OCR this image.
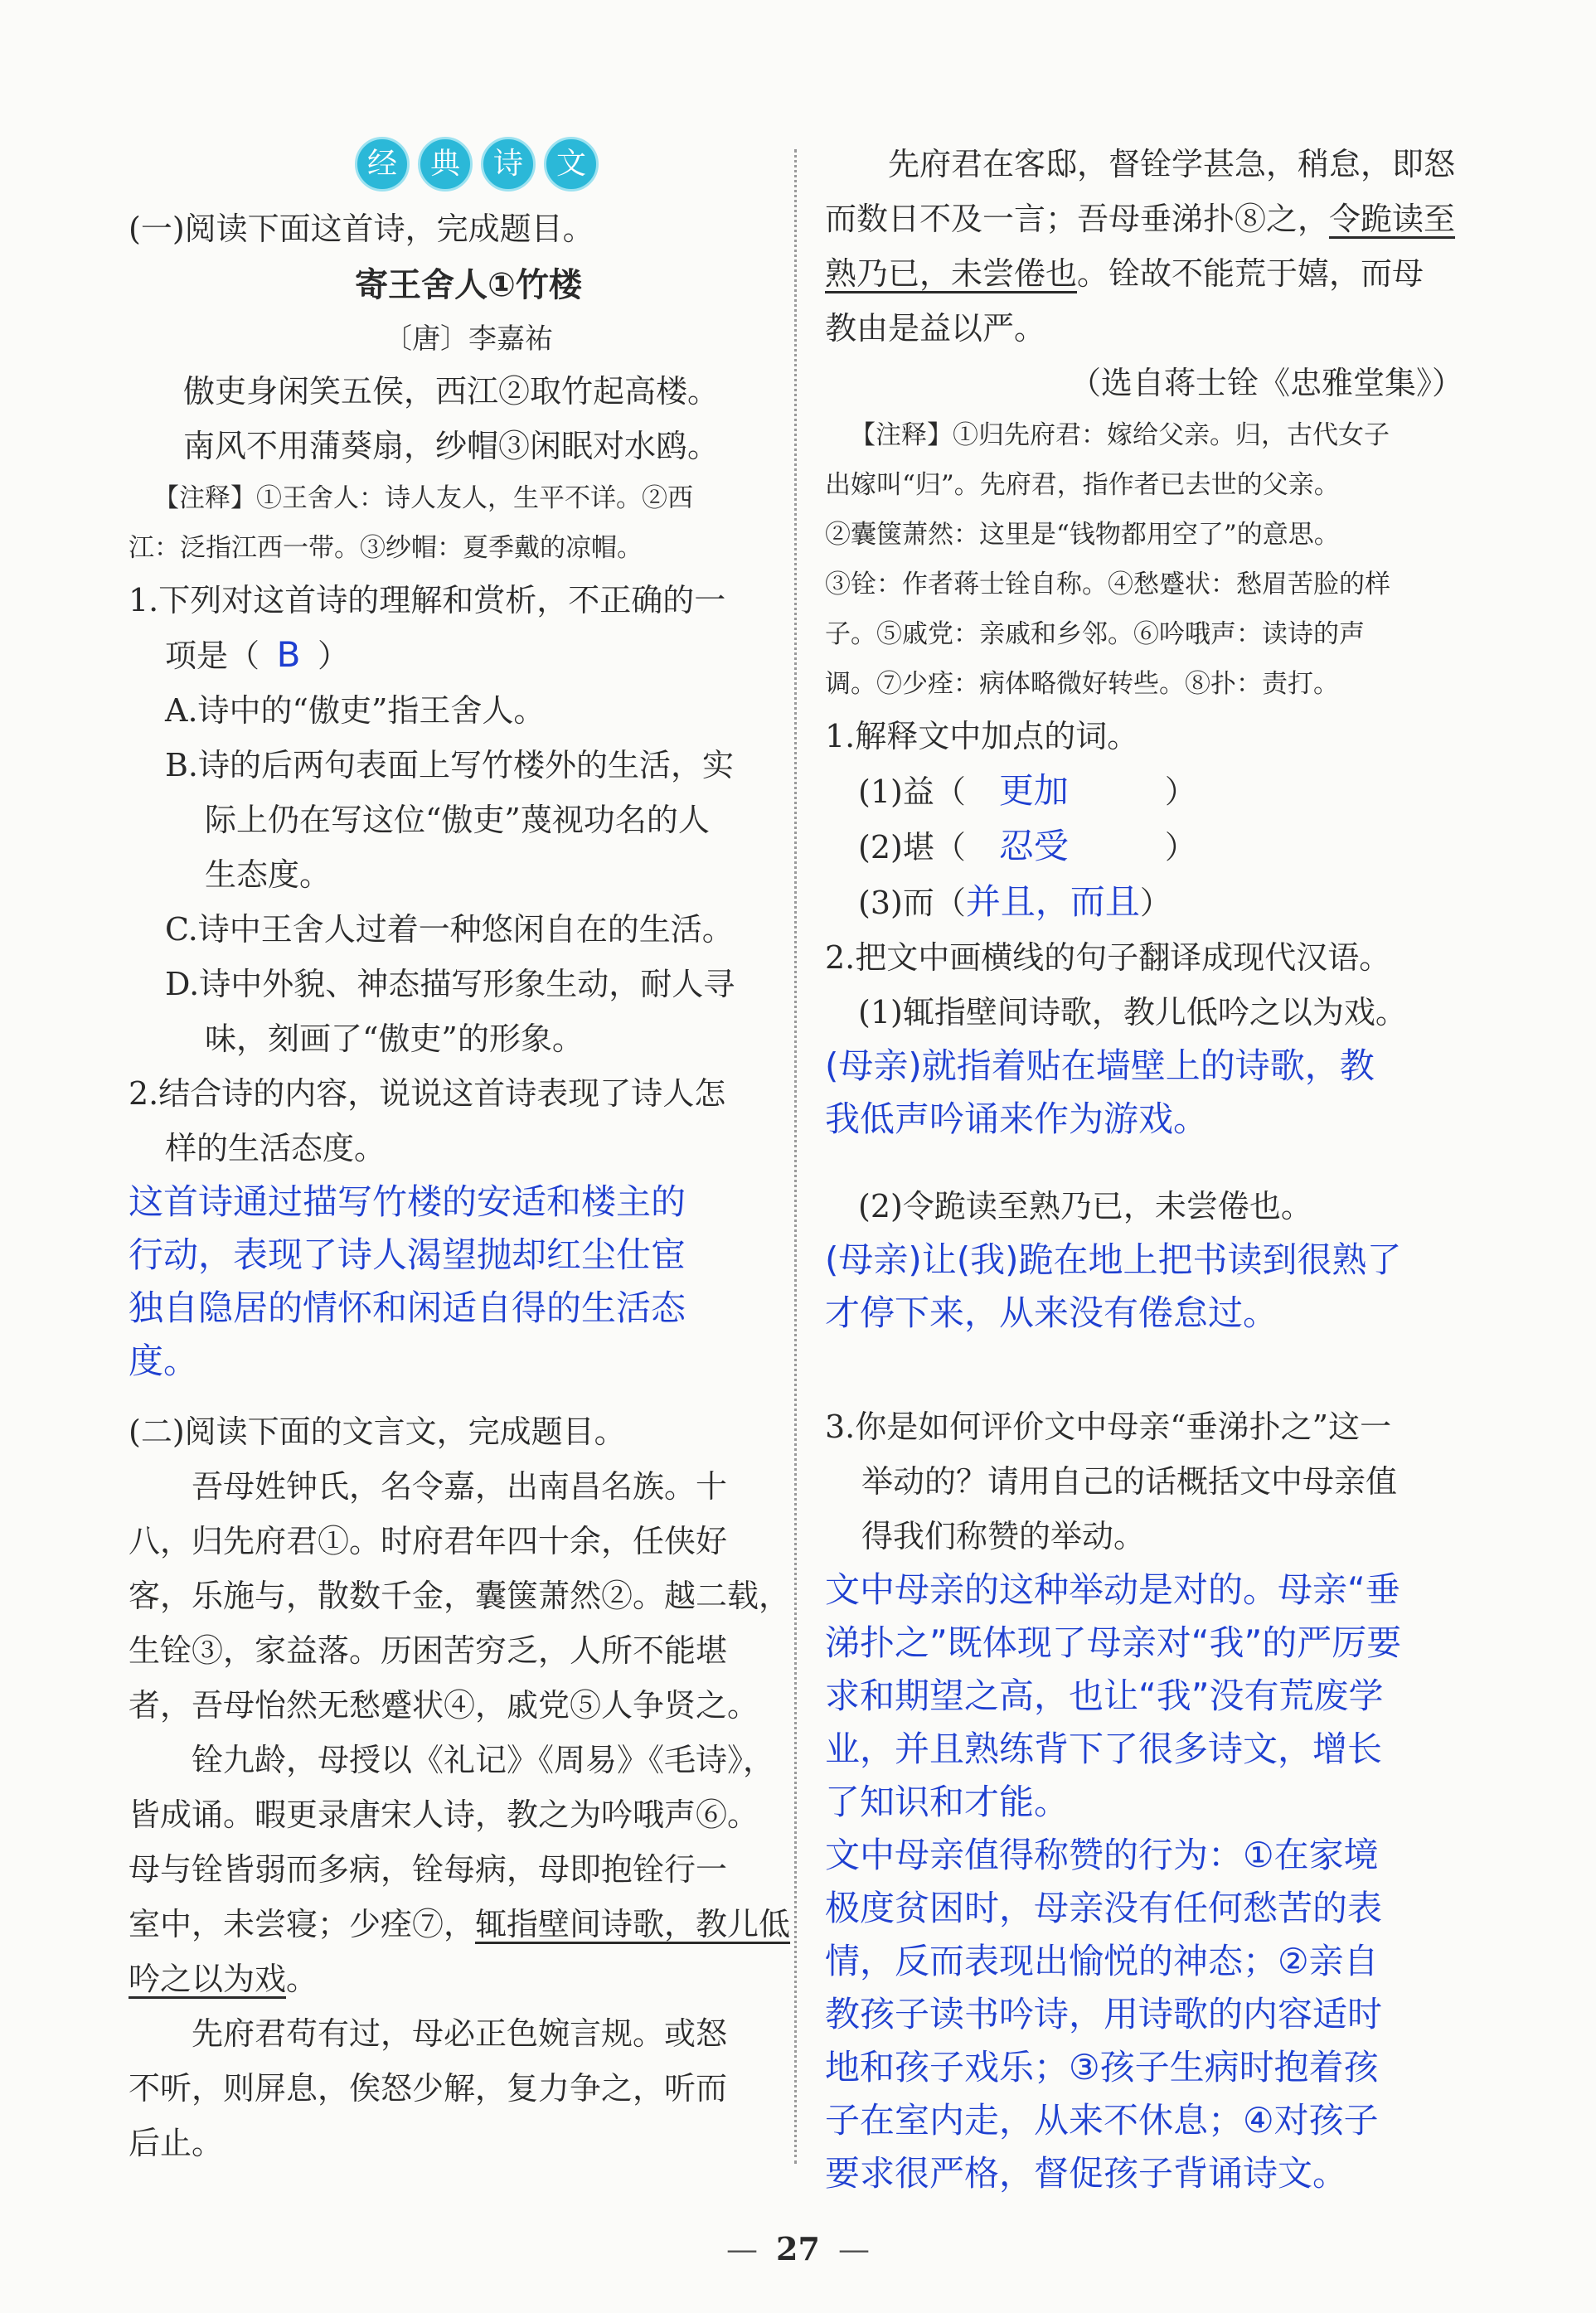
经	典	诗	文

(一)阅读下面这首诗，完成题目。

寄王舍人①竹楼

〔唐〕李嘉祐

傲吏身闲笑五侯，西江②取竹起高楼。

南风不用蒲葵扇，纱帽③闲眠对水鸥。

【注释】①王舍人：诗人友人，生平不详。②西

江：泛指江西一带。③纱帽：夏季戴的凉帽。

1.下列对这首诗的理解和赏析，不正确的一

项是（ B ）

A.诗中的“傲吏”指王舍人。

B.诗的后两句表面上写竹楼外的生活，实

际上仍在写这位“傲吏”蔑视功名的人

生态度。

C.诗中王舍人过着一种悠闲自在的生活。

D.诗中外貌、神态描写形象生动，耐人寻

味，刻画了“傲吏”的形象。

2.结合诗的内容，说说这首诗表现了诗人怎

样的生活态度。

这首诗通过描写竹楼的安适和楼主的

行动，表现了诗人渴望抛却红尘仕宦

独自隐居的情怀和闲适自得的生活态

度。

(二)阅读下面的文言文，完成题目。

吾母姓钟氏，名令嘉，出南昌名族。十

八，归先府君①。时府君年四十余，任侠好

客，乐施与，散数千金，囊箧萧然②。越二载，

生铨③，家益落。历困苦穷乏，人所不能堪

者，吾母怡然无愁蹙状④，戚党⑤人争贤之。

铨九龄，母授以《礼记》《周易》《毛诗》，

皆成诵。暇更录唐宋人诗，教之为吟哦声⑥。

母与铨皆弱而多病，铨每病，母即抱铨行一

室中，未尝寝；少痊⑦，辄指壁间诗歌，教儿低

吟之以为戏。

先府君苟有过，母必正色婉言规。或怒

不听，则屏息，俟怒少解，复力争之，听而

后止。

先府君在客邸，督铨学甚急，稍怠，即怒

而数日不及一言；吾母垂涕扑⑧之，令跪读至

熟乃已，未尝倦也。铨故不能荒于嬉，而母

教由是益以严。

（选自蒋士铨《忠雅堂集》）

【注释】①归先府君：嫁给父亲。归，古代女子

出嫁叫“归”。先府君，指作者已去世的父亲。

②囊箧萧然：这里是“钱物都用空了”的意思。

③铨：作者蒋士铨自称。④愁蹙状：愁眉苦脸的样

子。⑤戚党：亲戚和乡邻。⑥吟哦声：读诗的声

调。⑦少痊：病体略微好转些。⑧扑：责打。

1.解释文中加点的词。

(1)益（ 更加	）

(2)堪（ 忍受	）

(3)而（并且，而且）

2.把文中画横线的句子翻译成现代汉语。

(1)辄指壁间诗歌，教儿低吟之以为戏。

(母亲)就指着贴在墙壁上的诗歌，教

我低声吟诵来作为游戏。

(2)令跪读至熟乃已，未尝倦也。

(母亲)让(我)跪在地上把书读到很熟了

才停下来，从来没有倦怠过。

3.你是如何评价文中母亲“垂涕扑之”这一

举动的？请用自己的话概括文中母亲值

得我们称赞的举动。

文中母亲的这种举动是对的。母亲“垂

涕扑之”既体现了母亲对“我”的严厉要

求和期望之高，也让“我”没有荒废学

业，并且熟练背下了很多诗文，增长

了知识和才能。

文中母亲值得称赞的行为：①在家境

极度贫困时，母亲没有任何愁苦的表

情，反而表现出愉悦的神态；②亲自

教孩子读书吟诗，用诗歌的内容适时

地和孩子戏乐；③孩子生病时抱着孩

子在室内走，从来不休息；④对孩子

要求很严格，督促孩子背诵诗文。

— 27 —
